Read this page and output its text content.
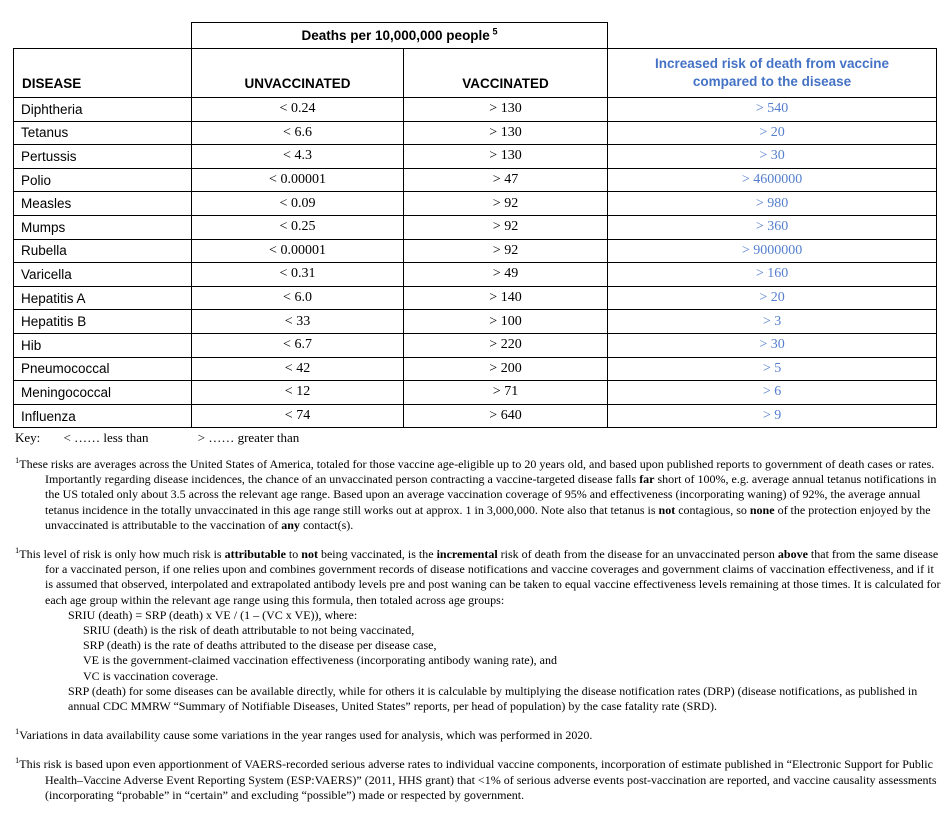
	Deaths per 10,000,000 people  $^5$	
DISEASE	UNVACCINATED	VACCINATED	Increased risk of death from vaccine compared to the disease
Diphtheria	< 0.24	> 130	> 540
Tetanus	< 6.6	> 130	> 20
Pertussis	< 4.3	> 130	> 30
Polio	< 0.00001	> 47	> 4600000
Measles	< 0.09	> 92	> 980
Mumps	< 0.25	> 92	> 360
Rubella	< 0.00001	> 92	> 9000000
Varicella	< 0.31	> 49	> 160
Hepatitis A	< 6.0	> 140	> 20
Hepatitis B	< 33	> 100	> 3
Hib	< 6.7	> 220	> 30
Pneumococcal	< 42	> 200	> 5
Meningococcal	< 12	> 71	> 6
Influenza	< 74	> 640	> 9
Key: < …… less than	> …… greater than

$^1$These risks are averages across the United States of America, totaled for those vaccine age-eligible up to 20 years old, and based upon published reports to government of death cases or rates. Importantly regarding disease incidences, the chance of an unvaccinated person contracting a vaccine-targeted disease falls far short of 100%, e.g. average annual tetanus notifications in the US totaled only about 3.5 across the relevant age range. Based upon an average vaccination coverage of 95% and effectiveness (incorporating waning) of 92%, the average annual tetanus incidence in the totally unvaccinated in this age range still works out at approx. 1 in 3,000,000. Note also that tetanus is not contagious, so none of the protection enjoyed by the unvaccinated is attributable to the vaccination of any contact(s).

$^1$This level of risk is only how much risk is attributable to not being vaccinated, is the incremental risk of death from the disease for an unvaccinated person above that from the same disease for a vaccinated person, if one relies upon and combines government records of disease notifications and vaccine coverages and government claims of vaccination effectiveness, and if it is assumed that observed, interpolated and extrapolated antibody levels pre and post waning can be taken to equal vaccine effectiveness levels remaining at those times. It is calculated for each age group within the relevant age range using this formula, then totaled across age groups:

SRIU (death) = SRP (death) x VE / (1 – (VC x VE)), where:

SRIU (death) is the risk of death attributable to not being vaccinated,

SRP (death) is the rate of deaths attributed to the disease per disease case,

VE is the government-claimed vaccination effectiveness (incorporating antibody waning rate), and

VC is vaccination coverage.

SRP (death) for some diseases can be available directly, while for others it is calculable by multiplying the disease notification rates (DRP) (disease notifications, as published in annual CDC MMRW “Summary of Notifiable Diseases, United States” reports, per head of population) by the case fatality rate (SRD).

$^1$Variations in data availability cause some variations in the year ranges used for analysis, which was performed in 2020.

$^1$This risk is based upon even apportionment of VAERS-recorded serious adverse rates to individual vaccine components, incorporation of estimate published in “Electronic Support for Public Health–Vaccine Adverse Event Reporting System (ESP:VAERS)” (2011, HHS grant) that <1% of serious adverse events post-vaccination are reported, and vaccine causality assessments (incorporating “probable” in “certain” and excluding “possible”) made or respected by government.
